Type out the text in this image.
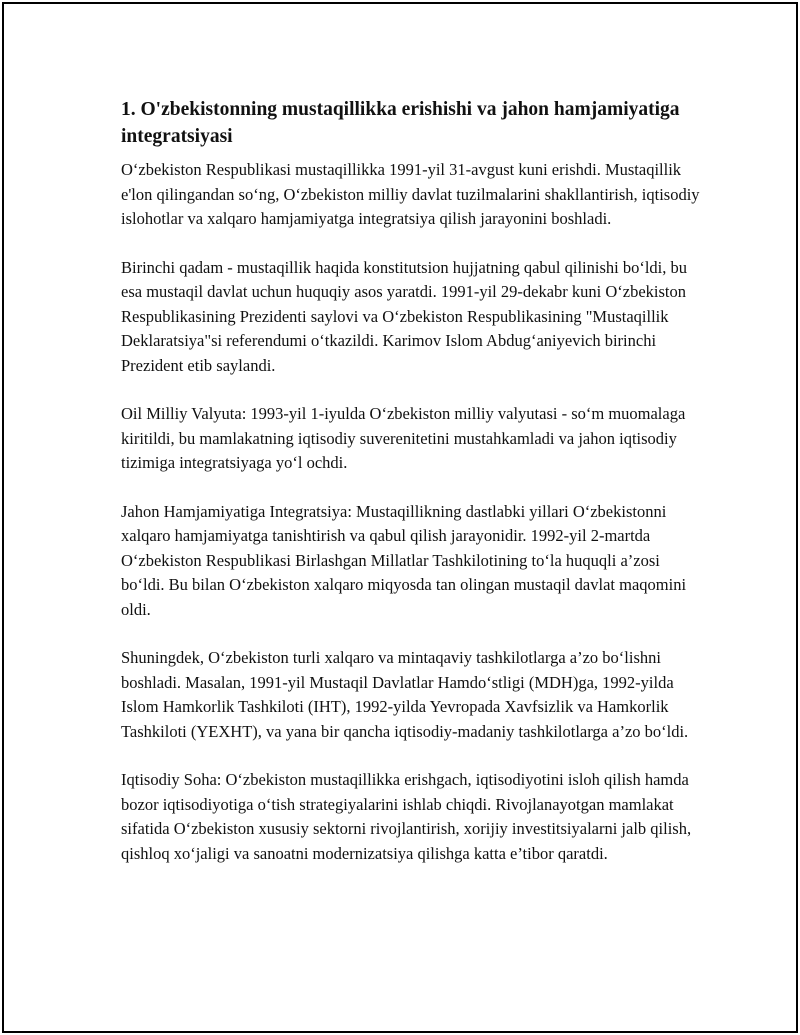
1. O'zbekistonning mustaqillikka erishishi va jahon hamjamiyatiga integratsiyasi

O‘zbekiston Respublikasi mustaqillikka 1991-yil 31-avgust kuni erishdi. Mustaqillik e'lon qilingandan so‘ng, O‘zbekiston milliy davlat tuzilmalarini shakllantirish, iqtisodiy islohotlar va xalqaro hamjamiyatga integratsiya qilish jarayonini boshladi.

Birinchi qadam - mustaqillik haqida konstitutsion hujjatning qabul qilinishi bo‘ldi, bu esa mustaqil davlat uchun huquqiy asos yaratdi. 1991-yil 29-dekabr kuni O‘zbekiston Respublikasining Prezidenti saylovi va O‘zbekiston Respublikasining "Mustaqillik Deklaratsiya"si referendumi o‘tkazildi. Karimov Islom Abdug‘aniyevich birinchi Prezident etib saylandi.

Oil Milliy Valyuta: 1993-yil 1-iyulda O‘zbekiston milliy valyutasi - so‘m muomalaga kiritildi, bu mamlakatning iqtisodiy suverenitetini mustahkamladi va jahon iqtisodiy tizimiga integratsiyaga yo‘l ochdi.

Jahon Hamjamiyatiga Integratsiya: Mustaqillikning dastlabki yillari O‘zbekistonni xalqaro hamjamiyatga tanishtirish va qabul qilish jarayonidir. 1992-yil 2-martda O‘zbekiston Respublikasi Birlashgan Millatlar Tashkilotining to‘la huquqli a’zosi bo‘ldi. Bu bilan O‘zbekiston xalqaro miqyosda tan olingan mustaqil davlat maqomini oldi.

Shuningdek, O‘zbekiston turli xalqaro va mintaqaviy tashkilotlarga a’zo bo‘lishni boshladi. Masalan, 1991-yil Mustaqil Davlatlar Hamdo‘stligi (MDH)ga, 1992-yilda Islom Hamkorlik Tashkiloti (IHT), 1992-yilda Yevropada Xavfsizlik va Hamkorlik Tashkiloti (YEXHT), va yana bir qancha iqtisodiy-madaniy tashkilotlarga a’zo bo‘ldi.

Iqtisodiy Soha: O‘zbekiston mustaqillikka erishgach, iqtisodiyotini isloh qilish hamda bozor iqtisodiyotiga o‘tish strategiyalarini ishlab chiqdi. Rivojlanayotgan mamlakat sifatida O‘zbekiston xususiy sektorni rivojlantirish, xorijiy investitsiyalarni jalb qilish, qishloq xo‘jaligi va sanoatni modernizatsiya qilishga katta e’tibor qaratdi.
